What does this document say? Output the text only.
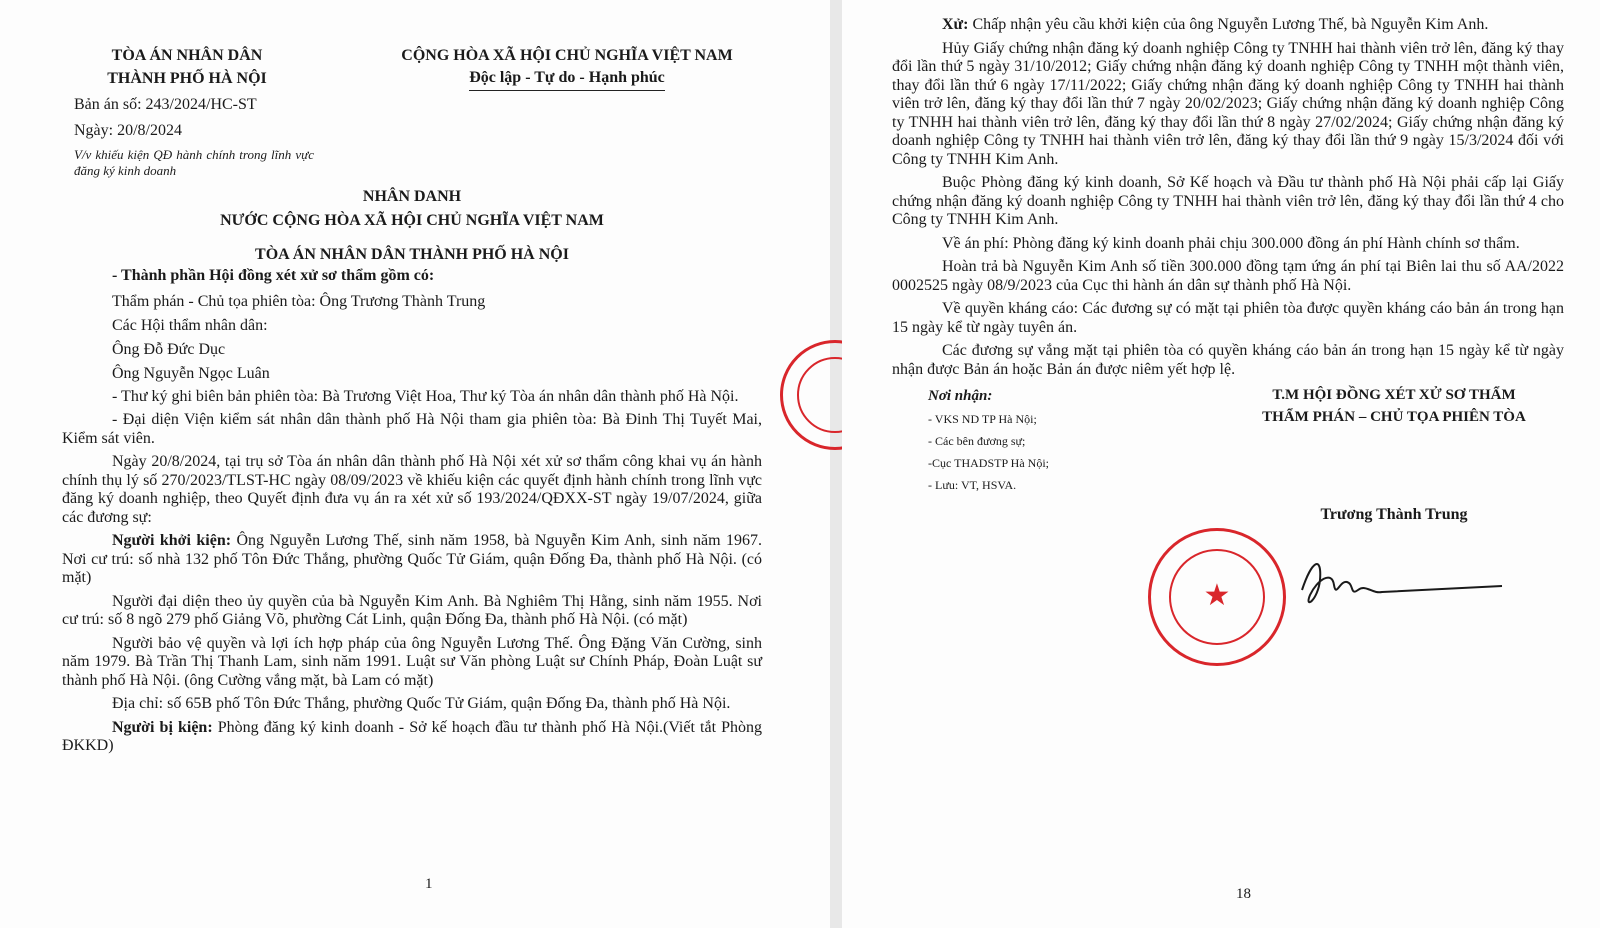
TÒA ÁN NHÂN DÂN
THÀNH PHỐ HÀ NỘI
CỘNG HÒA XÃ HỘI CHỦ NGHĨA VIỆT NAM
Độc lập - Tự do - Hạnh phúc
Bản án số: 243/2024/HC-ST
Ngày: 20/8/2024
V/v khiếu kiện QĐ hành chính trong lĩnh vực đăng ký kinh doanh
NHÂN DANH
NƯỚC CỘNG HÒA XÃ HỘI CHỦ NGHĨA VIỆT NAM
TÒA ÁN NHÂN DÂN THÀNH PHỐ HÀ NỘI
- Thành phần Hội đồng xét xử sơ thẩm gồm có:
Thẩm phán - Chủ tọa phiên tòa: Ông Trương Thành Trung
Các Hội thẩm nhân dân:
Ông Đỗ Đức Dục
Ông Nguyễn Ngọc Luân
- Thư ký ghi biên bản phiên tòa: Bà Trương Việt Hoa, Thư ký Tòa án nhân dân thành phố Hà Nội.
- Đại diện Viện kiểm sát nhân dân thành phố Hà Nội tham gia phiên tòa: Bà Đinh Thị Tuyết Mai, Kiểm sát viên.
Ngày 20/8/2024, tại trụ sở Tòa án nhân dân thành phố Hà Nội xét xử sơ thẩm công khai vụ án hành chính thụ lý số 270/2023/TLST-HC ngày 08/09/2023 về khiếu kiện các quyết định hành chính trong lĩnh vực đăng ký doanh nghiệp, theo Quyết định đưa vụ án ra xét xử số 193/2024/QĐXX-ST ngày 19/07/2024, giữa các đương sự:
Người khởi kiện: Ông Nguyễn Lương Thế, sinh năm 1958, bà Nguyễn Kim Anh, sinh năm 1967. Nơi cư trú: số nhà 132 phố Tôn Đức Thắng, phường Quốc Tử Giám, quận Đống Đa, thành phố Hà Nội. (có mặt)
Người đại diện theo ủy quyền của bà Nguyễn Kim Anh. Bà Nghiêm Thị Hằng, sinh năm 1955. Nơi cư trú: số 8 ngõ 279 phố Giảng Võ, phường Cát Linh, quận Đống Đa, thành phố Hà Nội. (có mặt)
Người bảo vệ quyền và lợi ích hợp pháp của ông Nguyễn Lương Thế. Ông Đặng Văn Cường, sinh năm 1979. Bà Trần Thị Thanh Lam, sinh năm 1991. Luật sư Văn phòng Luật sư Chính Pháp, Đoàn Luật sư thành phố Hà Nội. (ông Cường vắng mặt, bà Lam có mặt)
Địa chỉ: số 65B phố Tôn Đức Thắng, phường Quốc Tử Giám, quận Đống Đa, thành phố Hà Nội.
Người bị kiện: Phòng đăng ký kinh doanh - Sở kế hoạch đầu tư thành phố Hà Nội.(Viết tắt Phòng ĐKKD)
1
Xử: Chấp nhận yêu cầu khởi kiện của ông Nguyễn Lương Thế, bà Nguyễn Kim Anh.
Hủy Giấy chứng nhận đăng ký doanh nghiệp Công ty TNHH hai thành viên trở lên, đăng ký thay đổi lần thứ 5 ngày 31/10/2012; Giấy chứng nhận đăng ký doanh nghiệp Công ty TNHH một thành viên, thay đổi lần thứ 6 ngày 17/11/2022; Giấy chứng nhận đăng ký doanh nghiệp Công ty TNHH hai thành viên trở lên, đăng ký thay đổi lần thứ 7 ngày 20/02/2023; Giấy chứng nhận đăng ký doanh nghiệp Công ty TNHH hai thành viên trở lên, đăng ký thay đổi lần thứ 8 ngày 27/02/2024; Giấy chứng nhận đăng ký doanh nghiệp Công ty TNHH hai thành viên trở lên, đăng ký thay đổi lần thứ 9 ngày 15/3/2024 đối với Công ty TNHH Kim Anh.
Buộc Phòng đăng ký kinh doanh, Sở Kế hoạch và Đầu tư thành phố Hà Nội phải cấp lại Giấy chứng nhận đăng ký doanh nghiệp Công ty TNHH hai thành viên trở lên, đăng ký thay đổi lần thứ 4 cho Công ty TNHH Kim Anh.
Về án phí: Phòng đăng ký kinh doanh phải chịu 300.000 đồng án phí Hành chính sơ thẩm.
Hoàn trả bà Nguyễn Kim Anh số tiền 300.000 đồng tạm ứng án phí tại Biên lai thu số AA/2022 0002525 ngày 08/9/2023 của Cục thi hành án dân sự thành phố Hà Nội.
Về quyền kháng cáo: Các đương sự có mặt tại phiên tòa được quyền kháng cáo bản án trong hạn 15 ngày kể từ ngày tuyên án.
Các đương sự vắng mặt tại phiên tòa có quyền kháng cáo bản án trong hạn 15 ngày kể từ ngày nhận được Bản án hoặc Bản án được niêm yết hợp lệ.
Nơi nhận:
- VKS ND TP Hà Nội;
- Các bên đương sự;
-Cục THADSTP Hà Nội;
- Lưu: VT, HSVA.
T.M HỘI ĐỒNG XÉT XỬ SƠ THẨM
THẨM PHÁN – CHỦ TỌA PHIÊN TÒA
Trương Thành Trung
18
★
